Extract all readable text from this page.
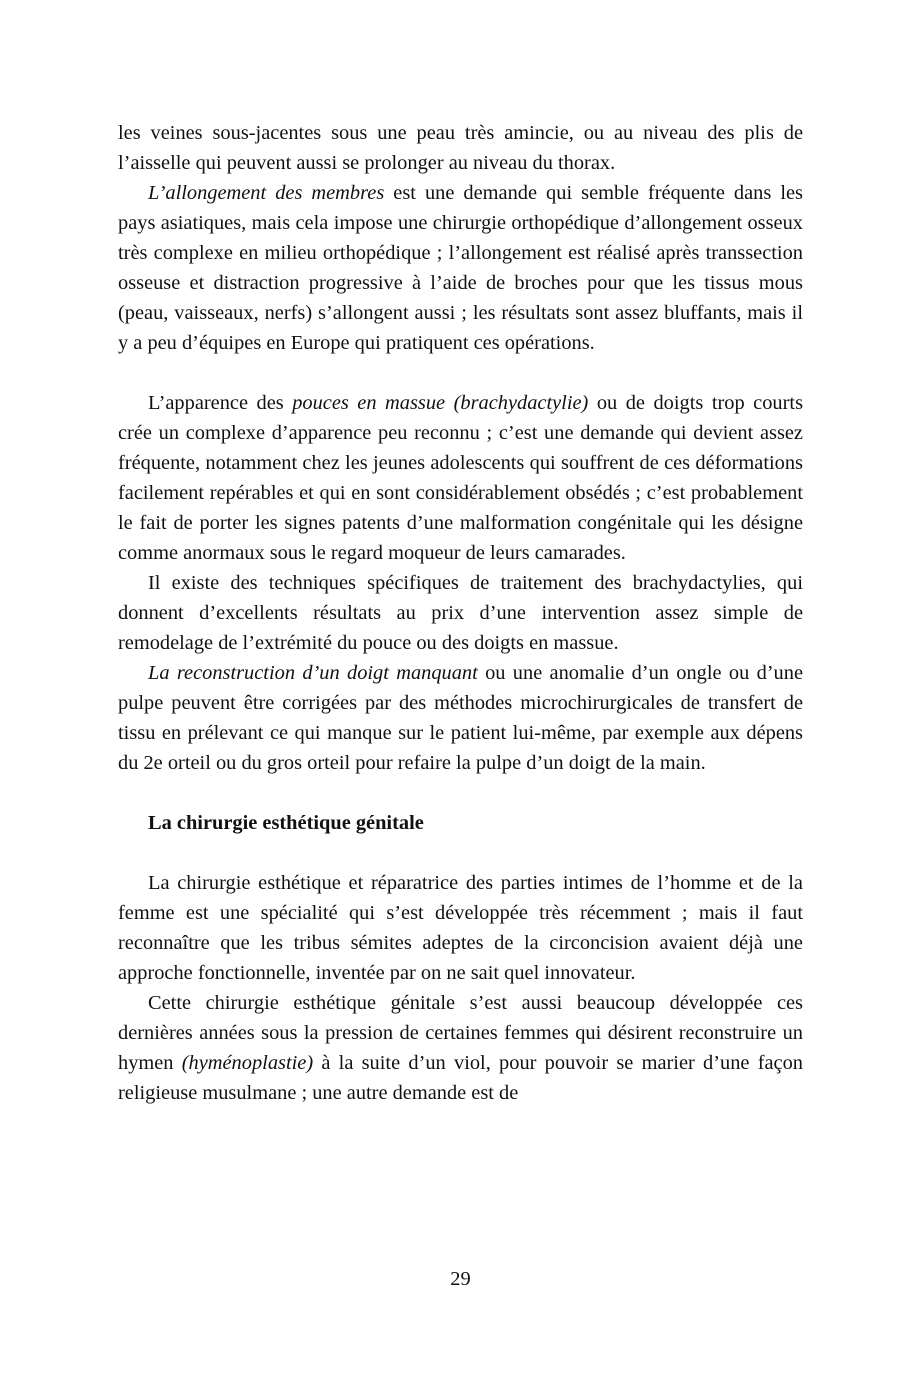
les veines sous-jacentes sous une peau très amincie, ou au niveau des plis de l’aisselle qui peuvent aussi se prolonger au niveau du thorax.

L’allongement des membres est une demande qui semble fréquente dans les pays asiatiques, mais cela impose une chirurgie orthopédique d’allongement osseux très complexe en milieu orthopédique ; l’allongement est réalisé après transsection osseuse et distraction progressive à l’aide de broches pour que les tissus mous (peau, vaisseaux, nerfs) s’allongent aussi ; les résultats sont assez bluffants, mais il y a peu d’équipes en Europe qui pratiquent ces opérations.

L’apparence des pouces en massue (brachydactylie) ou de doigts trop courts crée un complexe d’apparence peu reconnu ; c’est une demande qui devient assez fréquente, notamment chez les jeunes adolescents qui souffrent de ces déformations facilement repérables et qui en sont considérablement obsédés ; c’est probablement le fait de porter les signes patents d’une malformation congénitale qui les désigne comme anormaux sous le regard moqueur de leurs camarades.

Il existe des techniques spécifiques de traitement des brachydactylies, qui donnent d’excellents résultats au prix d’une intervention assez simple de remodelage de l’extrémité du pouce ou des doigts en massue.

La reconstruction d’un doigt manquant ou une anomalie d’un ongle ou d’une pulpe peuvent être corrigées par des méthodes microchirurgicales de transfert de tissu en prélevant ce qui manque sur le patient lui-même, par exemple aux dépens du 2e orteil ou du gros orteil pour refaire la pulpe d’un doigt de la main.

La chirurgie esthétique génitale

La chirurgie esthétique et réparatrice des parties intimes de l’homme et de la femme est une spécialité qui s’est développée très récemment ; mais il faut reconnaître que les tribus sémites adeptes de la circoncision avaient déjà une approche fonctionnelle, inventée par on ne sait quel innovateur.

Cette chirurgie esthétique génitale s’est aussi beaucoup développée ces dernières années sous la pression de certaines femmes qui désirent reconstruire un hymen (hyménoplastie) à la suite d’un viol, pour pouvoir se marier d’une façon religieuse musulmane ; une autre demande est de

29
